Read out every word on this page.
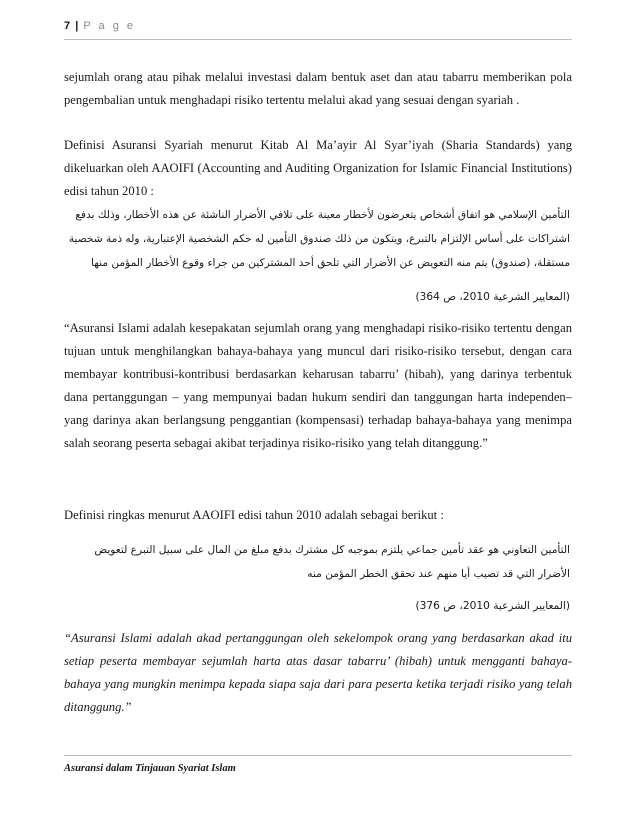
7 | P a g e

sejumlah orang atau pihak melalui investasi dalam bentuk aset dan atau tabarru memberikan pola pengembalian untuk menghadapi risiko tertentu melalui akad yang sesuai dengan syariah .

Definisi Asuransi Syariah menurut Kitab Al Ma’ayir Al Syar’iyah (Sharia Standards) yang dikeluarkan oleh AAOIFI (Accounting and Auditing Organization for Islamic Financial Institutions) edisi tahun 2010 :

التأمين الإسلامي هو اتفاق أشخاص يتعرضون لأخطار معينة على تلافي الأضرار الناشئة عن هذه الأخطار، وذلك بدفع اشتراكات على أساس الإلتزام بالتبرع، ويتكون من ذلك صندوق التأمين له حكم الشخصية الإعتبارية، وله ذمة شخصية مستقلة، (صندوق) يتم منه التعويض عن الأضرار التي تلحق أحد المشتركين من جراء وقوع الأخطار المؤمن منها

(المعايير الشرعية 2010، ص 364)

“Asuransi Islami adalah kesepakatan sejumlah orang yang menghadapi risiko-risiko tertentu dengan tujuan untuk menghilangkan bahaya-bahaya yang muncul dari risiko-risiko tersebut, dengan cara membayar kontribusi-kontribusi berdasarkan keharusan tabarru’ (hibah), yang darinya terbentuk dana pertanggungan – yang mempunyai badan hukum sendiri dan tanggungan harta independen– yang darinya akan berlangsung penggantian (kompensasi) terhadap bahaya-bahaya yang menimpa salah seorang peserta sebagai akibat terjadinya risiko-risiko yang telah ditanggung.”

Definisi ringkas menurut AAOIFI edisi tahun 2010 adalah sebagai berikut :

التأمين التعاوني هو عقد تأمين جماعي يلتزم بموجبه كل مشترك بدفع مبلغ من المال على سبيل التبرع لتعويض الأضرار التي قد تصيب أيا منهم عند تحقق الخطر المؤمن منه

(المعايير الشرعية 2010، ص 376)

“Asuransi Islami adalah akad pertanggungan oleh sekelompok orang yang berdasarkan akad itu setiap peserta membayar sejumlah harta atas dasar tabarru’ (hibah) untuk mengganti bahaya-bahaya yang mungkin menimpa kepada siapa saja dari para peserta ketika terjadi risiko yang telah ditanggung.”

Asuransi dalam Tinjauan Syariat Islam
